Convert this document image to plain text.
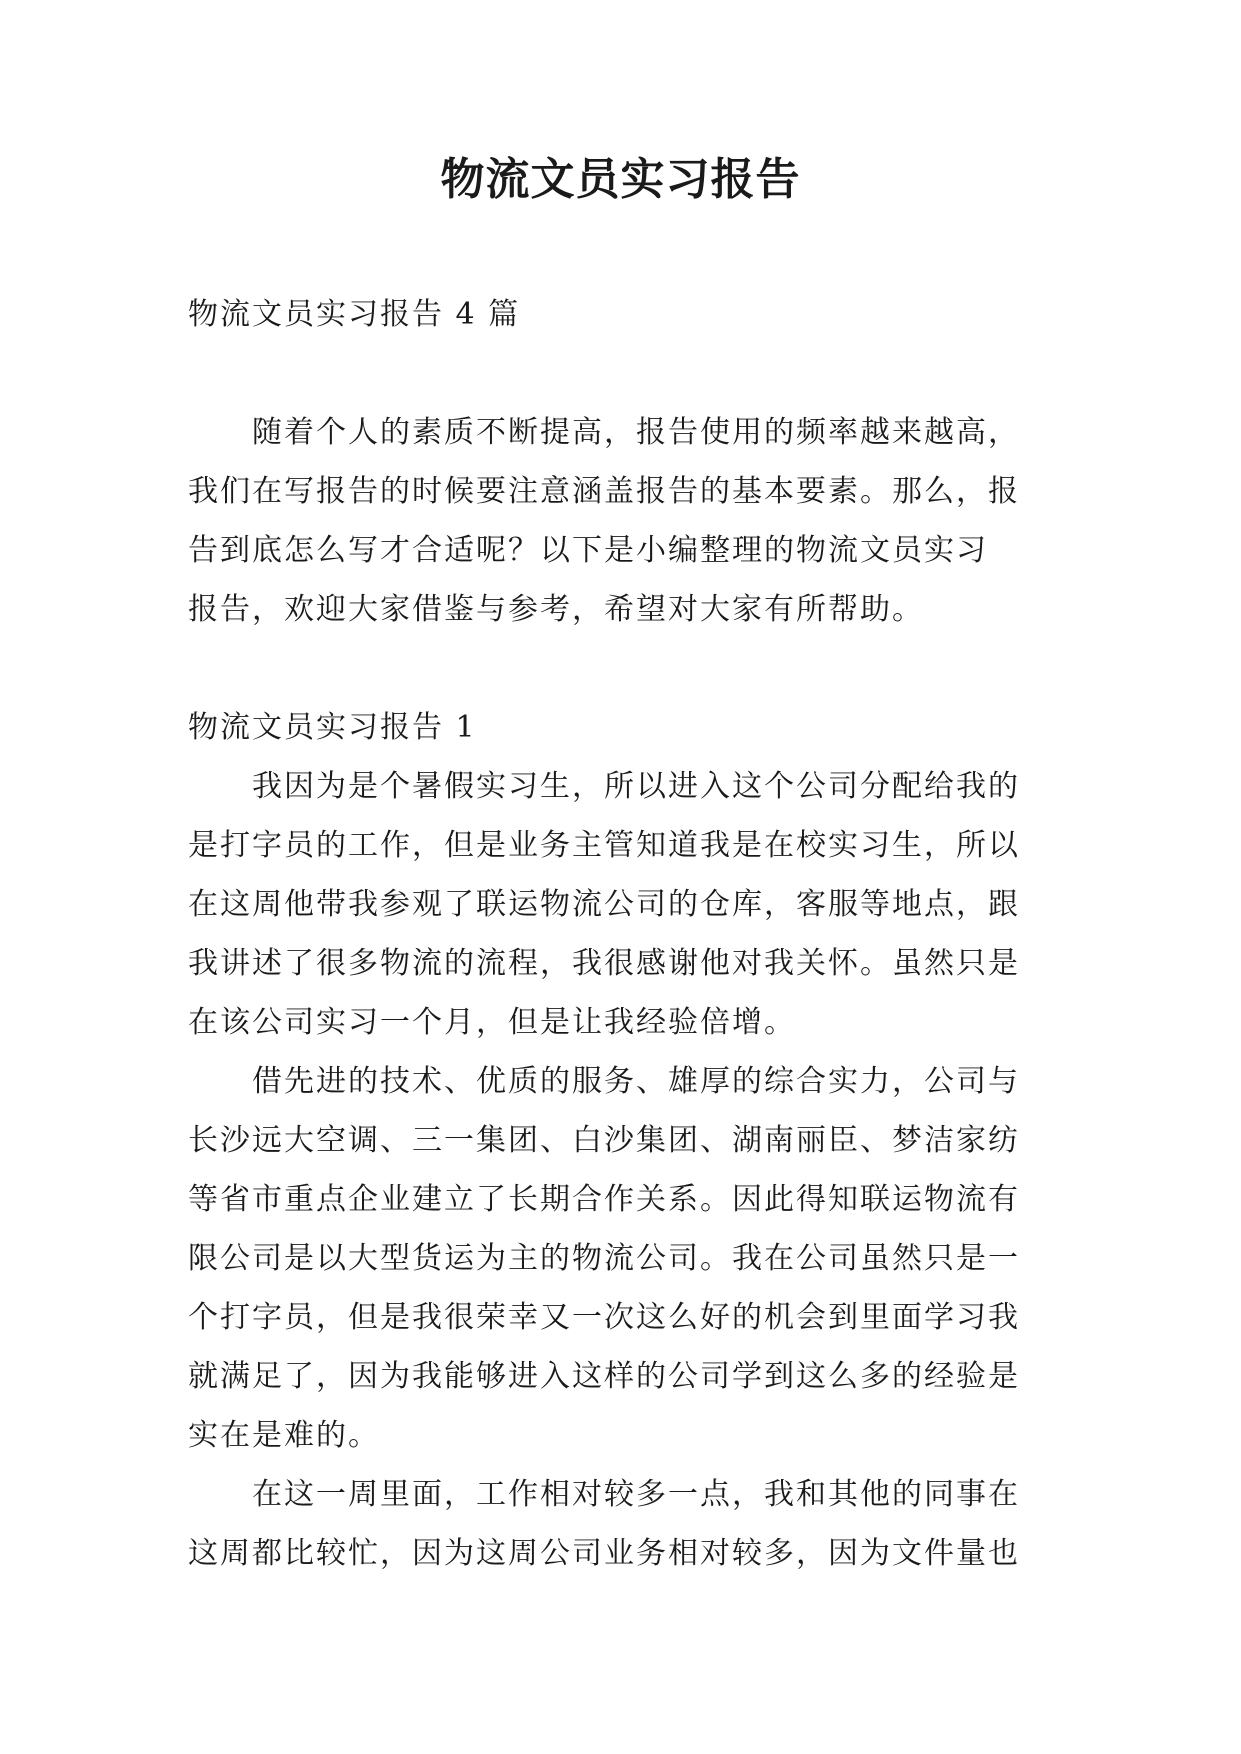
物流文员实习报告
物流文员实习报告 4 篇
随着个人的素质不断提高，报告使用的频率越来越高，
我们在写报告的时候要注意涵盖报告的基本要素。那么，报
告到底怎么写才合适呢？以下是小编整理的物流文员实习
报告，欢迎大家借鉴与参考，希望对大家有所帮助。
物流文员实习报告 1
我因为是个暑假实习生，所以进入这个公司分配给我的
是打字员的工作，但是业务主管知道我是在校实习生，所以
在这周他带我参观了联运物流公司的仓库，客服等地点，跟
我讲述了很多物流的流程，我很感谢他对我关怀。虽然只是
在该公司实习一个月，但是让我经验倍增。
借先进的技术、优质的服务、雄厚的综合实力，公司与
长沙远大空调、三一集团、白沙集团、湖南丽臣、梦洁家纺
等省市重点企业建立了长期合作关系。因此得知联运物流有
限公司是以大型货运为主的物流公司。我在公司虽然只是一
个打字员，但是我很荣幸又一次这么好的机会到里面学习我
就满足了，因为我能够进入这样的公司学到这么多的经验是
实在是难的。
在这一周里面，工作相对较多一点，我和其他的同事在
这周都比较忙，因为这周公司业务相对较多，因为文件量也
